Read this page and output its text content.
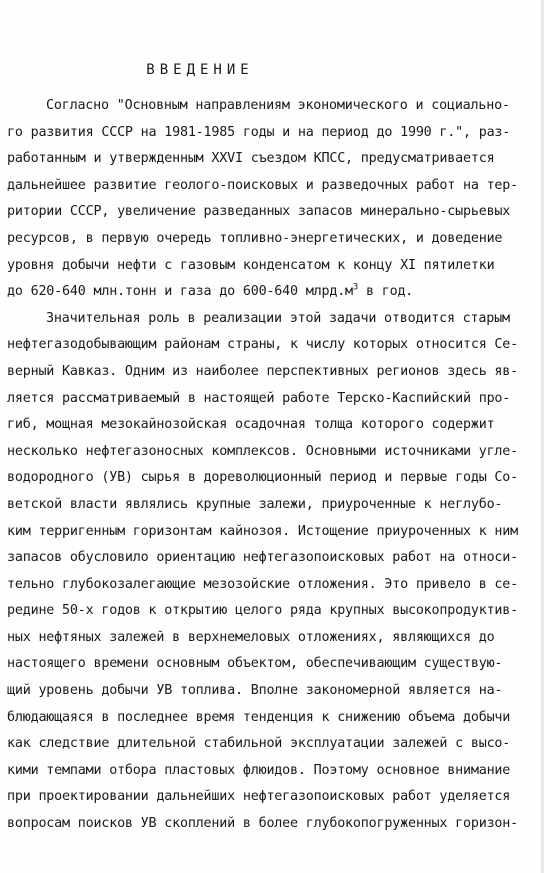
ВВЕДЕНИЕ
Согласно "Основным направлениям экономического и социально-
го развития СССР на 1981-1985 годы и на период до 1990 г.", раз-
работанным и утвержденным ХХVI съездом КПСС, предусматривается
дальнейшее развитие геолого-поисковых и разведочных работ на тер-
ритории СССР, увеличение разведанных запасов минерально-сырьевых
ресурсов, в первую очередь топливно-энергетических, и доведение
уровня добычи нефти с газовым конденсатом к концу XI пятилетки
до 620-640 млн.тонн и газа до 600-640 $млрд.м^3$ в год.
Значительная роль в реализации этой задачи отводится старым
нефтегазодобывающим районам страны, к числу которых относится Се-
верный Кавказ. Одним из наиболее перспективных регионов здесь яв-
ляется рассматриваемый в настоящей работе Терско-Каспийский про-
гиб, мощная мезокайнозойская осадочная толща которого содержит
несколько нефтегазоносных комплексов. Основными источниками угле-
водородного (УВ) сырья в дореволюционный период и первые годы Со-
ветской власти являлись крупные залежи, приуроченные к неглубо-
ким терригенным горизонтам кайнозоя. Истощение приуроченных к ним
запасов обусловило ориентацию нефтегазопоисковых работ на относи-
тельно глубокозалегающие мезозойские отложения. Это привело в се-
редине 50-х годов к открытию целого ряда крупных высокопродуктив-
ных нефтяных залежей в верхнемеловых отложениях, являющихся до
настоящего времени основным объектом, обеспечивающим существую-
щий уровень добычи УВ топлива. Вполне закономерной является на-
блюдающаяся в последнее время тенденция к снижению объема добычи
как следствие длительной стабильной эксплуатации залежей с высо-
кими темпами отбора пластовых флюидов. Поэтому основное внимание
при проектировании дальнейших нефтегазопоисковых работ уделяется
вопросам поисков УВ скоплений в более глубокопогруженных горизон-
